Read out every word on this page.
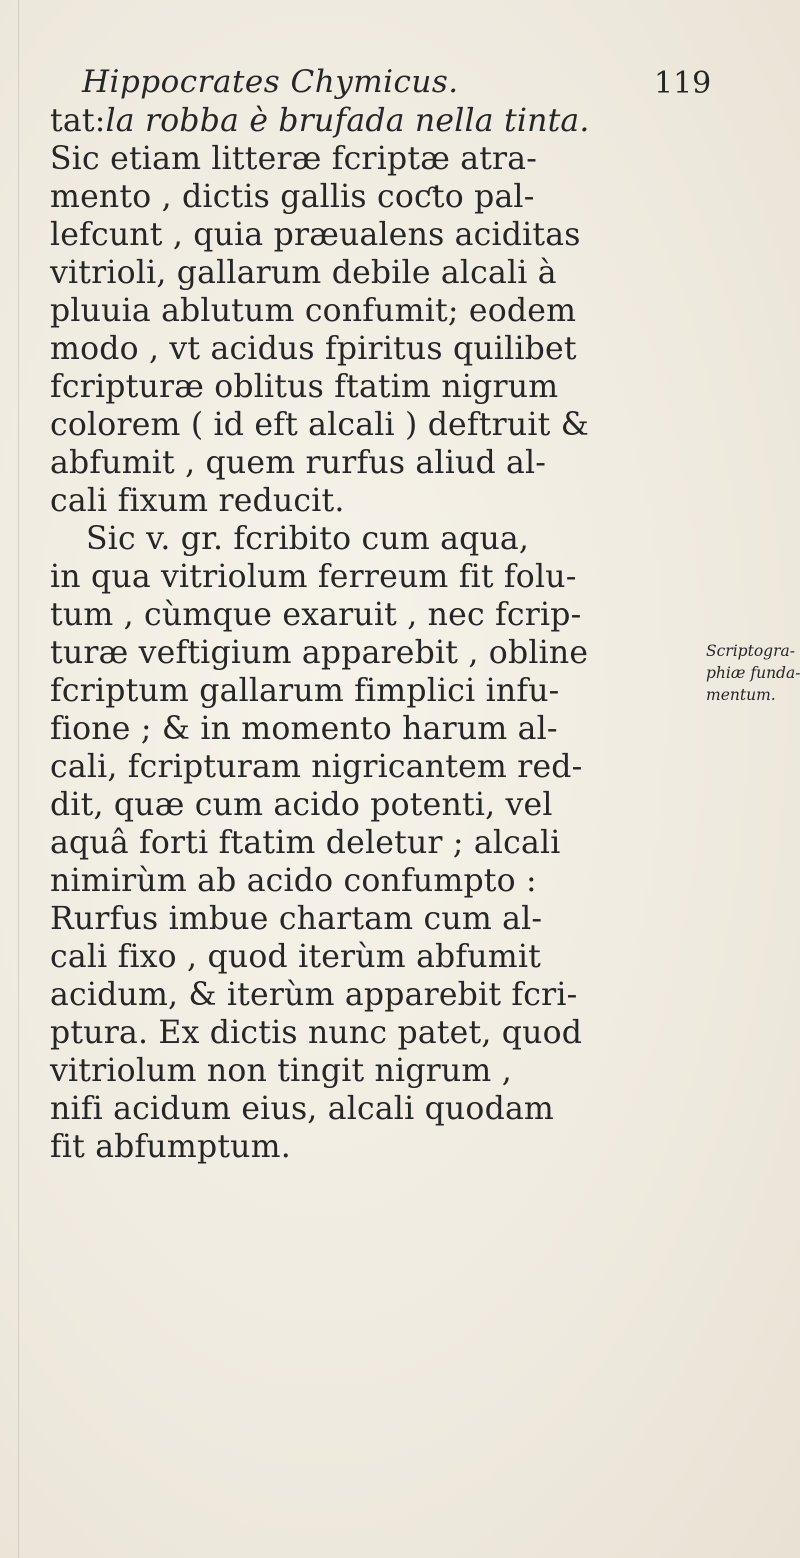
Hippocrates Chymicus.	119
tat:la robba è brufada nella tinta.
Sic etiam litteræ fcriptæ atra-
mento , dictis gallis coƈto pal-
lefcunt , quia præualens aciditas
vitrioli, gallarum debile alcali à
pluuia ablutum confumit; eodem
modo , vt acidus fpiritus quilibet
fcripturæ oblitus ftatim nigrum
colorem ( id eft alcali ) deftruit &
abfumit , quem rurfus aliud al-
cali fixum reducit.
Sic v. gr. fcribito cum aqua,
in qua vitriolum ferreum fit folu-
tum , cùmque exaruit , nec fcrip-
turæ veftigium apparebit , obline
fcriptum gallarum fimplici infu-
fione ; & in momento harum al-
cali, fcripturam nigricantem red-
dit, quæ cum acido potenti, vel
aquâ forti ftatim deletur ; alcali
nimirùm ab acido confumpto :
Rurfus imbue chartam cum al-
cali fixo , quod iterùm abfumit
acidum, & iterùm apparebit fcri-
ptura. Ex dictis nunc patet, quod
vitriolum non tingit nigrum ,
nifi acidum eius, alcali quodam
fit abfumptum.
Scriptogra-
phiæ funda-
mentum.
